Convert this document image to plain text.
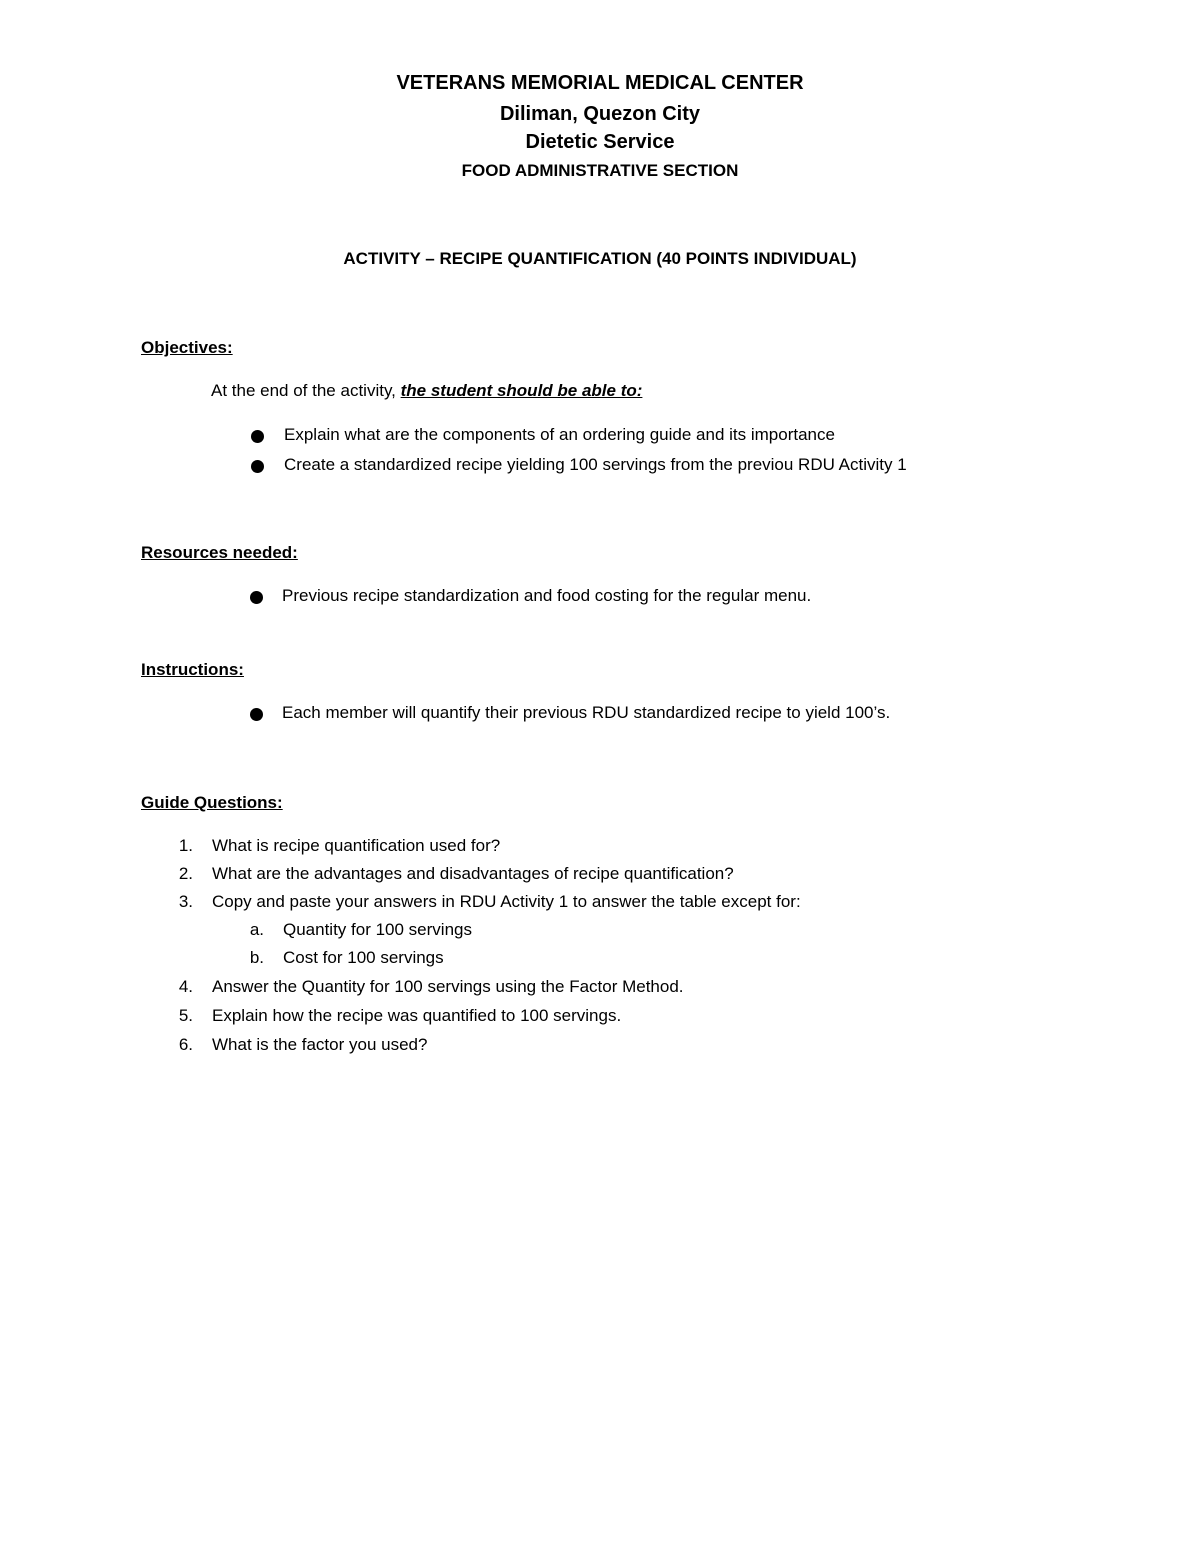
VETERANS MEMORIAL MEDICAL CENTER
Diliman, Quezon City
Dietetic Service
FOOD ADMINISTRATIVE SECTION
ACTIVITY – RECIPE QUANTIFICATION (40 POINTS INDIVIDUAL)
Objectives:

At the end of the activity, the student should be able to:

Explain what are the components of an ordering guide and its importance

Create a standardized recipe yielding 100 servings from the previou RDU Activity 1

Resources needed:

Previous recipe standardization and food costing for the regular menu.

Instructions:

Each member will quantify their previous RDU standardized recipe to yield 100’s.

Guide Questions:
1. What is recipe quantification used for?
2. What are the advantages and disadvantages of recipe quantification?
3. Copy and paste your answers in RDU Activity 1 to answer the table except for:
a. Quantity for 100 servings
b. Cost for 100 servings
4. Answer the Quantity for 100 servings using the Factor Method.
5. Explain how the recipe was quantified to 100 servings.
6. What is the factor you used?
